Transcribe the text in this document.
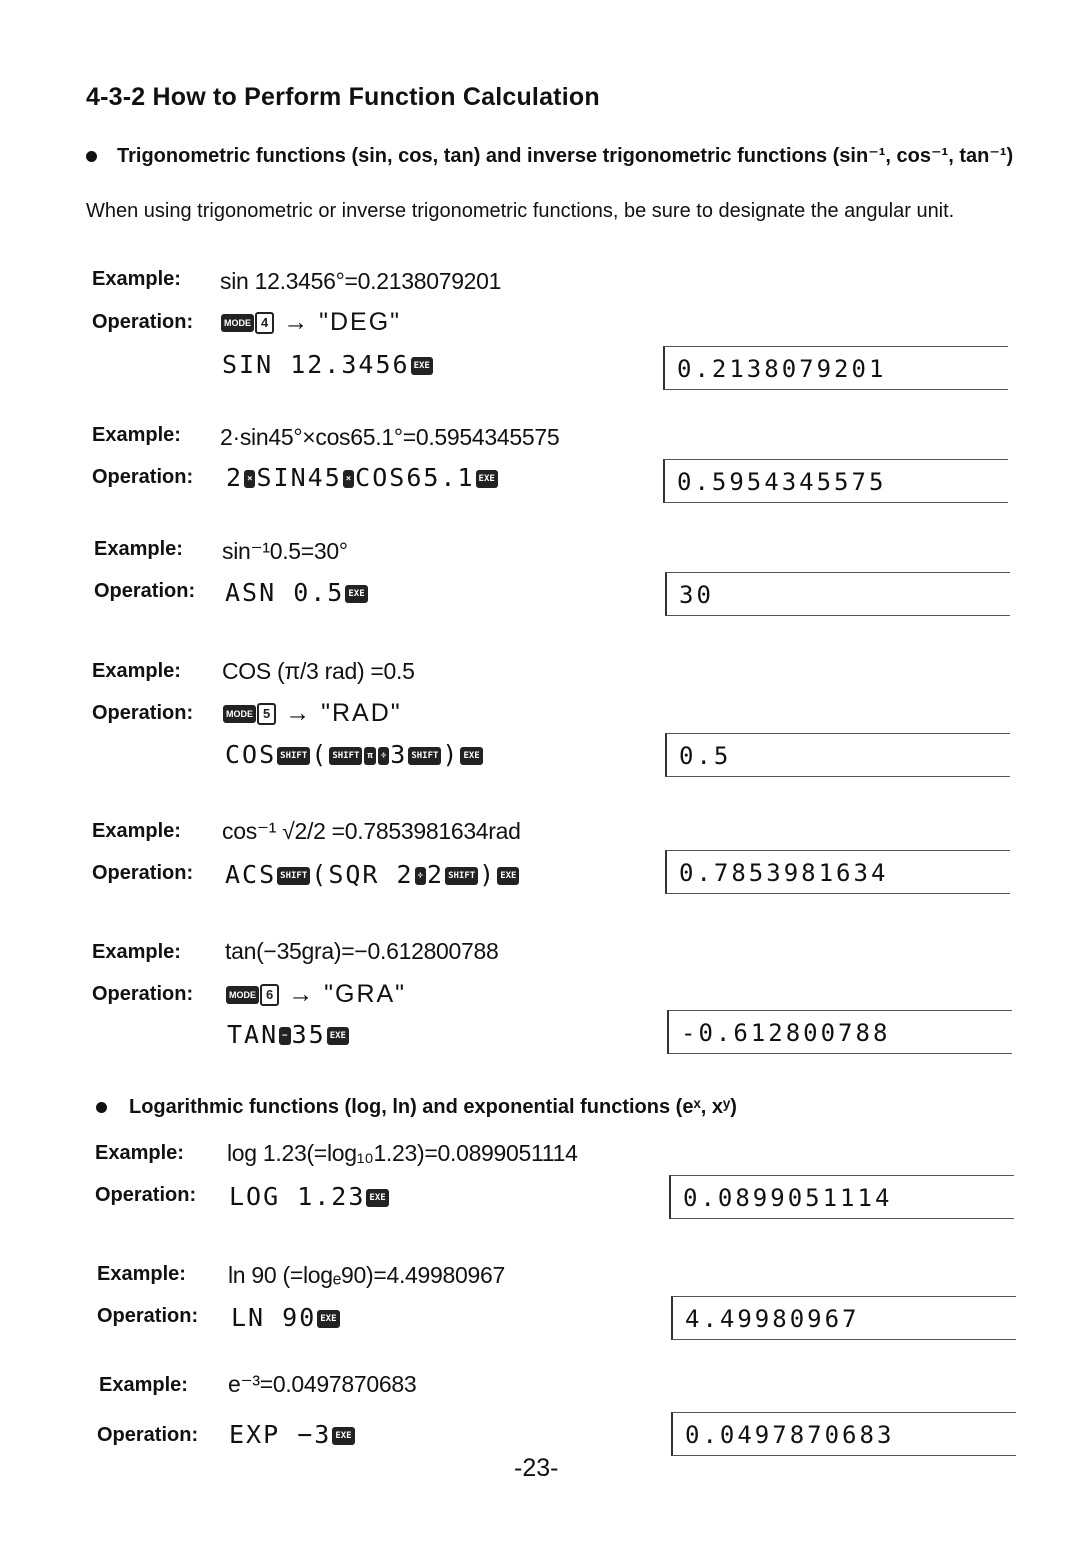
4-3-2 How to Perform Function Calculation
Trigonometric functions (sin, cos, tan) and inverse trigonometric functions (sin⁻¹, cos⁻¹, tan⁻¹)
When using trigonometric or inverse trigonometric functions, be sure to designate the angular unit.
Example: sin 12.3456°=0.2138079201
Operation:	MODE 4 → "DEG"
SIN 12.3456 EXE	0.2138079201
Example: 2·sin45°×cos65.1°=0.5954345575
Operation: 2 × SIN45 × COS65.1 EXE	0.5954345575
Example: sin⁻¹0.5=30°
Operation: ASN 0.5 EXE	30
Example: COS (π/3 rad) =0.5
Operation:	MODE 5 → "RAD"
COS SHIFT ( SHIFT π ÷ 3 SHIFT ) EXE	0.5
Example: cos⁻¹ √2/2 =0.7853981634rad
Operation: ACS SHIFT (SQR 2 ÷ 2 SHIFT ) EXE	0.7853981634
Example: tan(−35gra)=−0.612800788
Operation:	MODE 6 → "GRA"
TAN − 35 EXE	-0.612800788
Logarithmic functions (log, ln) and exponential functions (eˣ, xʸ)
Example: log 1.23(=log₁₀1.23)=0.0899051114
Operation: LOG 1.23 EXE	0.0899051114
Example: ln 90 (=logₑ90)=4.49980967
Operation: LN 90 EXE	4.49980967
Example: e⁻³=0.0497870683
Operation: EXP −3 EXE	0.0497870683
-23-
